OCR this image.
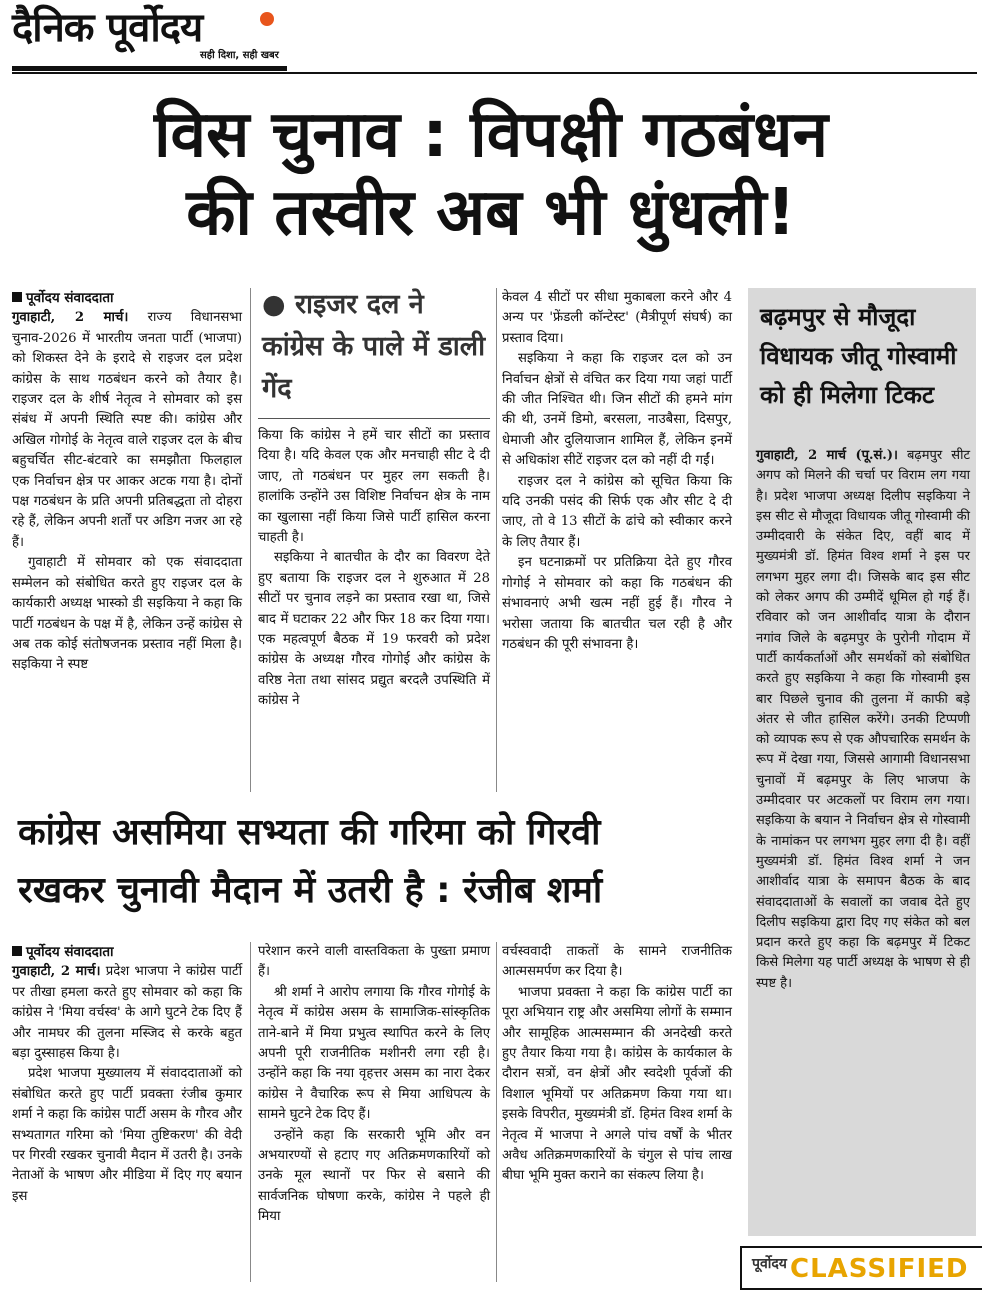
दैनिक पूर्वोदय
सही दिशा, सही खबर
विस चुनाव : विपक्षी गठबंधन
की तस्वीर अब भी धुंधली!
पूर्वोदय संवाददाता

गुवाहाटी, 2 मार्च। राज्य विधानसभा चुनाव-2026 में भारतीय जनता पार्टी (भाजपा) को शिकस्त देने के इरादे से राइजर दल प्रदेश कांग्रेस के साथ गठबंधन करने को तैयार है। राइजर दल के शीर्ष नेतृत्व ने सोमवार को इस संबंध में अपनी स्थिति स्पष्ट की। कांग्रेस और अखिल गोगोई के नेतृत्व वाले राइजर दल के बीच बहुचर्चित सीट-बंटवारे का समझौता फिलहाल एक निर्वाचन क्षेत्र पर आकर अटक गया है। दोनों पक्ष गठबंधन के प्रति अपनी प्रतिबद्धता तो दोहरा रहे हैं, लेकिन अपनी शर्तों पर अडिग नजर आ रहे हैं।

गुवाहाटी में सोमवार को एक संवाददाता सम्मेलन को संबोधित करते हुए राइजर दल के कार्यकारी अध्यक्ष भास्को डी सइकिया ने कहा कि पार्टी गठबंधन के पक्ष में है, लेकिन उन्हें कांग्रेस से अब तक कोई संतोषजनक प्रस्ताव नहीं मिला है। सइकिया ने स्पष्ट

● राइजर दल ने कांग्रेस के पाले में डाली गेंद

किया कि कांग्रेस ने हमें चार सीटों का प्रस्ताव दिया है। यदि केवल एक और मनचाही सीट दे दी जाए, तो गठबंधन पर मुहर लग सकती है। हालांकि उन्होंने उस विशिष्ट निर्वाचन क्षेत्र के नाम का खुलासा नहीं किया जिसे पार्टी हासिल करना चाहती है।

सइकिया ने बातचीत के दौर का विवरण देते हुए बताया कि राइजर दल ने शुरुआत में 28 सीटों पर चुनाव लड़ने का प्रस्ताव रखा था, जिसे बाद में घटाकर 22 और फिर 18 कर दिया गया। एक महत्वपूर्ण बैठक में 19 फरवरी को प्रदेश कांग्रेस के अध्यक्ष गौरव गोगोई और कांग्रेस के वरिष्ठ नेता तथा सांसद प्रद्युत बरदलै उपस्थिति में कांग्रेस ने

केवल 4 सीटों पर सीधा मुकाबला करने और 4 अन्य पर 'फ्रेंडली कॉन्टेस्ट' (मैत्रीपूर्ण संघर्ष) का प्रस्ताव दिया।

सइकिया ने कहा कि राइजर दल को उन निर्वाचन क्षेत्रों से वंचित कर दिया गया जहां पार्टी की जीत निश्चित थी। जिन सीटों की हमने मांग की थी, उनमें डिमो, बरसला, नाउबैसा, दिसपुर, धेमाजी और दुलियाजान शामिल हैं, लेकिन इनमें से अधिकांश सीटें राइजर दल को नहीं दी गईं।

राइजर दल ने कांग्रेस को सूचित किया कि यदि उनकी पसंद की सिर्फ एक और सीट दे दी जाए, तो वे 13 सीटों के ढांचे को स्वीकार करने के लिए तैयार हैं।

इन घटनाक्रमों पर प्रतिक्रिया देते हुए गौरव गोगोई ने सोमवार को कहा कि गठबंधन की संभावनाएं अभी खत्म नहीं हुई हैं। गौरव ने भरोसा जताया कि बातचीत चल रही है और गठबंधन की पूरी संभावना है।

बढ़मपुर से मौजूदा विधायक जीतू गोस्वामी को ही मिलेगा टिकट

गुवाहाटी, 2 मार्च (पू.सं.)। बढ़मपुर सीट अगप को मिलने की चर्चा पर विराम लग गया है। प्रदेश भाजपा अध्यक्ष दिलीप सइकिया ने इस सीट से मौजूदा विधायक जीतू गोस्वामी की उम्मीदवारी के संकेत दिए, वहीं बाद में मुख्यमंत्री डॉ. हिमंत विश्व शर्मा ने इस पर लगभग मुहर लगा दी। जिसके बाद इस सीट को लेकर अगप की उम्मीदें धूमिल हो गई हैं। रविवार को जन आशीर्वाद यात्रा के दौरान नगांव जिले के बढ़मपुर के पुरोनी गोदाम में पार्टी कार्यकर्ताओं और समर्थकों को संबोधित करते हुए सइकिया ने कहा कि गोस्वामी इस बार पिछले चुनाव की तुलना में काफी बड़े अंतर से जीत हासिल करेंगे। उनकी टिप्पणी को व्यापक रूप से एक औपचारिक समर्थन के रूप में देखा गया, जिससे आगामी विधानसभा चुनावों में बढ़मपुर के लिए भाजपा के उम्मीदवार पर अटकलों पर विराम लग गया। सइकिया के बयान ने निर्वाचन क्षेत्र से गोस्वामी के नामांकन पर लगभग मुहर लगा दी है। वहीं मुख्यमंत्री डॉ. हिमंत विश्व शर्मा ने जन आशीर्वाद यात्रा के समापन बैठक के बाद संवाददाताओं के सवालों का जवाब देते हुए दिलीप सइकिया द्वारा दिए गए संकेत को बल प्रदान करते हुए कहा कि बढ़मपुर में टिकट किसे मिलेगा यह पार्टी अध्यक्ष के भाषण से ही स्पष्ट है।

कांग्रेस असमिया सभ्यता की गरिमा को गिरवी
रखकर चुनावी मैदान में उतरी है : रंजीब शर्मा
पूर्वोदय संवाददाता

गुवाहाटी, 2 मार्च। प्रदेश भाजपा ने कांग्रेस पार्टी पर तीखा हमला करते हुए सोमवार को कहा कि कांग्रेस ने 'मिया वर्चस्व' के आगे घुटने टेक दिए हैं और नामघर की तुलना मस्जिद से करके बहुत बड़ा दुस्साहस किया है।

प्रदेश भाजपा मुख्यालय में संवाददाताओं को संबोधित करते हुए पार्टी प्रवक्ता रंजीब कुमार शर्मा ने कहा कि कांग्रेस पार्टी असम के गौरव और सभ्यतागत गरिमा को 'मिया तुष्टिकरण' की वेदी पर गिरवी रखकर चुनावी मैदान में उतरी है। उनके नेताओं के भाषण और मीडिया में दिए गए बयान इस

परेशान करने वाली वास्तविकता के पुख्ता प्रमाण हैं।

श्री शर्मा ने आरोप लगाया कि गौरव गोगोई के नेतृत्व में कांग्रेस असम के सामाजिक-सांस्कृतिक ताने-बाने में मिया प्रभुत्व स्थापित करने के लिए अपनी पूरी राजनीतिक मशीनरी लगा रही है। उन्होंने कहा कि नया वृहत्तर असम का नारा देकर कांग्रेस ने वैचारिक रूप से मिया आधिपत्य के सामने घुटने टेक दिए हैं।

उन्होंने कहा कि सरकारी भूमि और वन अभयारण्यों से हटाए गए अतिक्रमणकारियों को उनके मूल स्थानों पर फिर से बसाने की सार्वजनिक घोषणा करके, कांग्रेस ने पहले ही मिया

वर्चस्ववादी ताकतों के सामने राजनीतिक आत्मसमर्पण कर दिया है।

भाजपा प्रवक्ता ने कहा कि कांग्रेस पार्टी का पूरा अभियान राष्ट्र और असमिया लोगों के सम्मान और सामूहिक आत्मसम्मान की अनदेखी करते हुए तैयार किया गया है। कांग्रेस के कार्यकाल के दौरान सत्रों, वन क्षेत्रों और स्वदेशी पूर्वजों की विशाल भूमियों पर अतिक्रमण किया गया था। इसके विपरीत, मुख्यमंत्री डॉ. हिमंत विश्व शर्मा के नेतृत्व में भाजपा ने अगले पांच वर्षों के भीतर अवैध अतिक्रमणकारियों के चंगुल से पांच लाख बीघा भूमि मुक्त कराने का संकल्प लिया है।

पूर्वोदय CLASSIFIED
